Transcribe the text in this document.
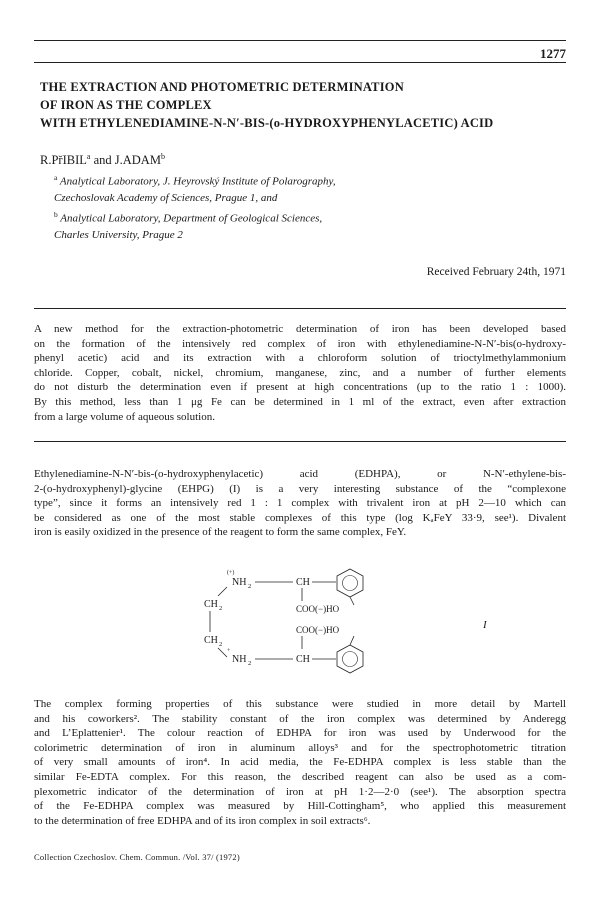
1277
THE EXTRACTION AND PHOTOMETRIC DETERMINATION
OF IRON AS THE COMPLEX
WITH ETHYLENEDIAMINE-N-N′-BIS-(o-HYDROXYPHENYLACETIC) ACID
R.PřIBIL$^a$ and J.ADAM$^b$
$^a$ Analytical Laboratory, J. Heyrovský Institute of Polarography,
Czechoslovak Academy of Sciences, Prague 1, and
$^b$ Analytical Laboratory, Department of Geological Sciences,
Charles University, Prague 2
Received February 24th, 1971

A new method for the extraction-photometric determination of iron has been developed based
on the formation of the intensively red complex of iron with ethylenediamine-N-N′-bis(o-hydroxy-
phenyl acetic) acid and its extraction with a chloroform solution of trioctylmethylammonium
chloride. Copper, cobalt, nickel, chromium, manganese, zinc, and a number of further elements
do not disturb the determination even if present at high concentrations (up to the ratio 1 : 1000).
By this method, less than 1 μg Fe can be determined in 1 ml of the extract, even after extraction
from a large volume of aqueous solution.

Ethylenediamine-N-N′-bis-(o-hydroxyphenylacetic) acid (EDHPA), or N-N′-ethylene-bis-
2-(o-hydroxyphenyl)-glycine (EHPG) (I) is a very interesting substance of the “complexone
type”, since it forms an intensively red 1 : 1 complex with trivalent iron at pH 2—10 which can
be considered as one of the most stable complexes of this type (log KₐFeY 33·9, see¹). Divalent
iron is easily oxidized in the presence of the reagent to form the same complex, FeY.

(+)
NH 2	CH
CH 2	COO(−)HO
COO(−)HO
CH 2
+
NH 2	CH
I

The complex forming properties of this substance were studied in more detail by Martell
and his coworkers². The stability constant of the iron complex was determined by Anderegg
and L’Eplattenier¹. The colour reaction of EDHPA for iron was used by Underwood for the
colorimetric determination of iron in aluminum alloys³ and for the spectrophotometric titration
of very small amounts of iron⁴. In acid media, the Fe-EDHPA complex is less stable than the
similar Fe-EDTA complex. For this reason, the described reagent can also be used as a com-
plexometric indicator of the determination of iron at pH 1·2—2·0 (see¹). The absorption spectra
of the Fe-EDHPA complex was measured by Hill-Cottingham⁵, who applied this measurement
to the determination of free EDHPA and of its iron complex in soil extracts⁶.

Collection Czechoslov. Chem. Commun. /Vol. 37/ (1972)
